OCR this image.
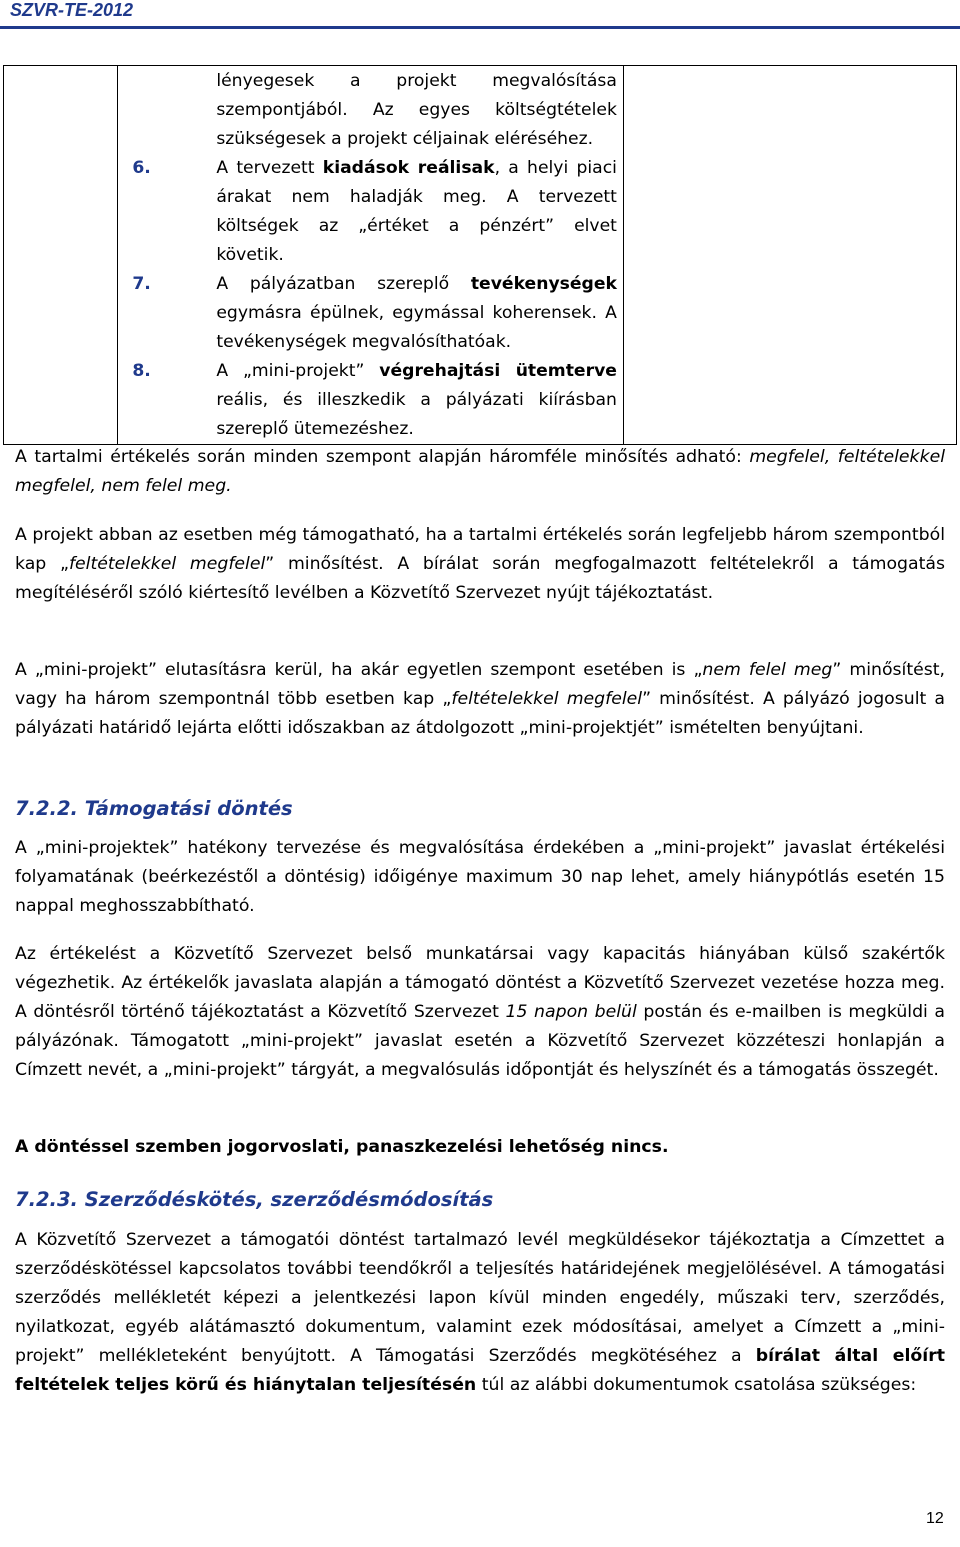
SZVR-TE-2012

lényegesek a projekt megvalósítása szempontjából. Az egyes költségtételek szükségesek a projekt céljainak eléréséhez.
6.	A tervezett kiadások reálisak, a helyi piaci árakat nem haladják meg. A tervezett költségek az „értéket a pénzért” elvet követik.
7.	A pályázatban szereplő tevékenységek egymásra épülnek, egymással koherensek. A tevékenységek megvalósíthatóak.
8.	A „mini-projekt” végrehajtási ütemterve reális, és illeszkedik a pályázati kiírásban szereplő ütemezéshez.

A tartalmi értékelés során minden szempont alapján háromféle minősítés adható: megfelel, feltételekkel megfelel, nem felel meg.
A projekt abban az esetben még támogatható, ha a tartalmi értékelés során legfeljebb három szempontból kap „feltételekkel megfelel” minősítést. A bírálat során megfogalmazott feltételekről a támogatás megítéléséről szóló kiértesítő levélben a Közvetítő Szervezet nyújt tájékoztatást.
A „mini-projekt” elutasításra kerül, ha akár egyetlen szempont esetében is „nem felel meg” minősítést, vagy ha három szempontnál több esetben kap „feltételekkel megfelel” minősítést. A pályázó jogosult a pályázati határidő lejárta előtti időszakban az átdolgozott „mini-projektjét” ismételten benyújtani.
7.2.2. Támogatási döntés
A „mini-projektek” hatékony tervezése és megvalósítása érdekében a „mini-projekt” javaslat értékelési folyamatának (beérkezéstől a döntésig) időigénye maximum 30 nap lehet, amely hiánypótlás esetén 15 nappal meghosszabbítható.
Az értékelést a Közvetítő Szervezet belső munkatársai vagy kapacitás hiányában külső szakértők végezhetik. Az értékelők javaslata alapján a támogató döntést a Közvetítő Szervezet vezetése hozza meg. A döntésről történő tájékoztatást a Közvetítő Szervezet 15 napon belül postán és e-mailben is megküldi a pályázónak. Támogatott „mini-projekt” javaslat esetén a Közvetítő Szervezet közzéteszi honlapján a Címzett nevét, a „mini-projekt” tárgyát, a megvalósulás időpontját és helyszínét és a támogatás összegét.
A döntéssel szemben jogorvoslati, panaszkezelési lehetőség nincs.
7.2.3. Szerződéskötés, szerződésmódosítás
A Közvetítő Szervezet a támogatói döntést tartalmazó levél megküldésekor tájékoztatja a Címzettet a szerződéskötéssel kapcsolatos további teendőkről a teljesítés határidejének megjelölésével. A támogatási szerződés mellékletét képezi a jelentkezési lapon kívül minden engedély, műszaki terv, szerződés, nyilatkozat, egyéb alátámasztó dokumentum, valamint ezek módosításai, amelyet a Címzett a „mini-projekt” mellékleteként benyújtott. A Támogatási Szerződés megkötéséhez a bírálat által előírt feltételek teljes körű és hiánytalan teljesítésén túl az alábbi dokumentumok csatolása szükséges:
12
